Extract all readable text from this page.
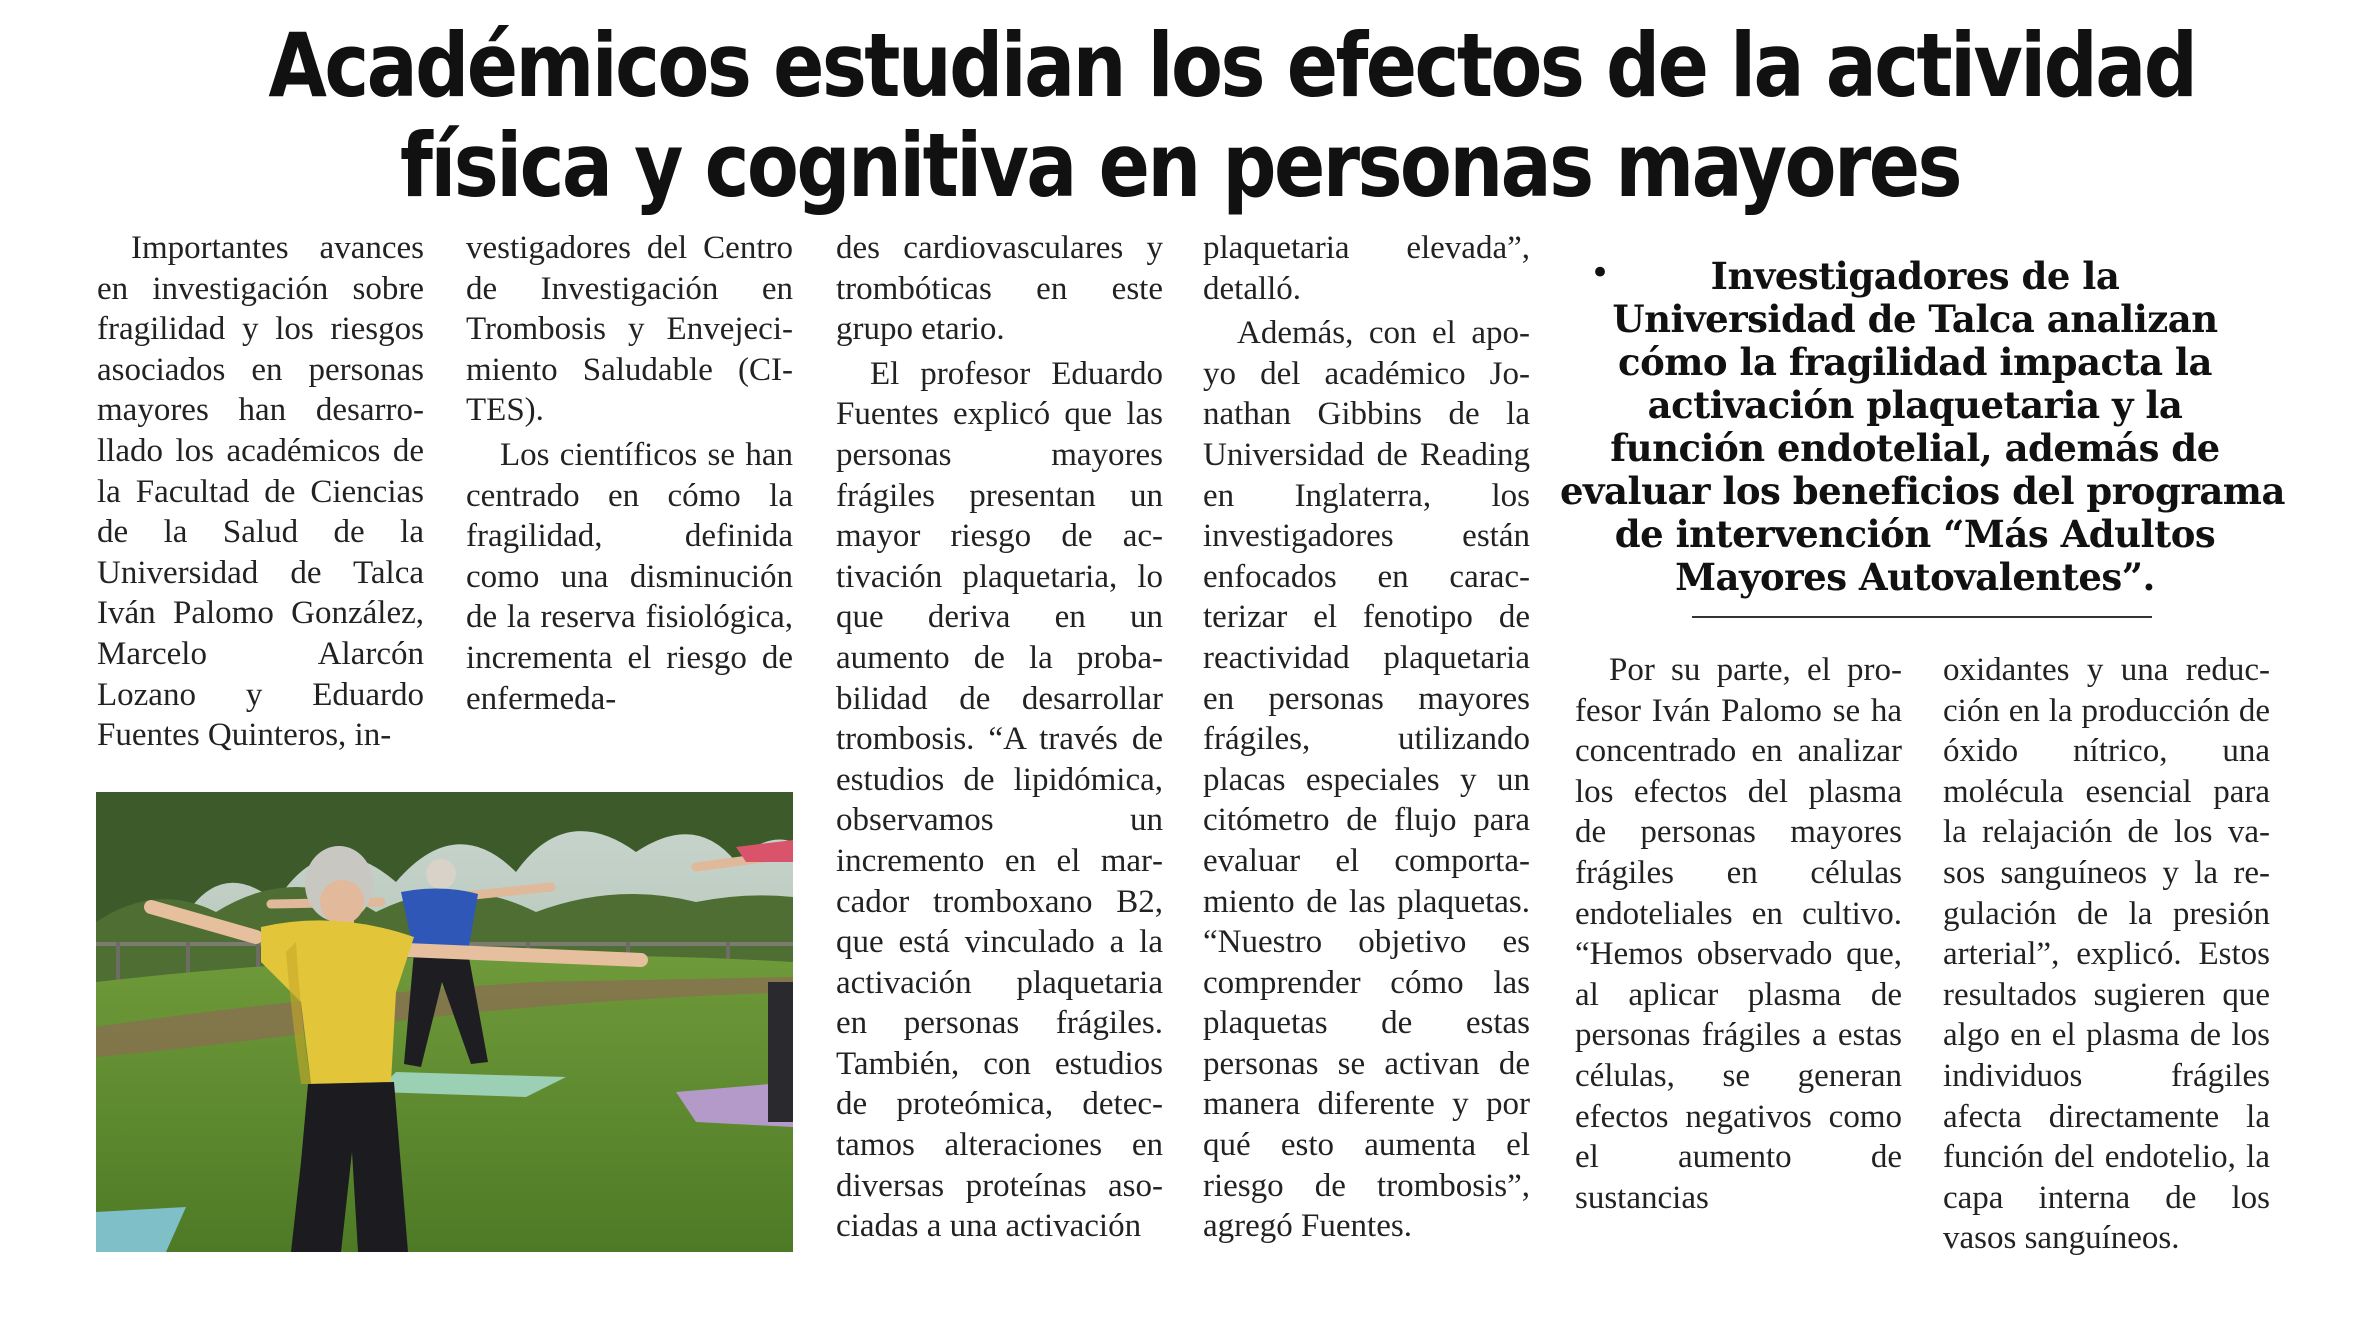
Académicos estudian los efectos de la actividad
física y cognitiva en personas mayores

Importantes avances en investigación sobre fragilidad y los riesgos asociados en personas mayores han desarrollado los académicos de la Facultad de Ciencias de la Salud de la Universidad de Talca Iván Palomo González, Marcelo Alarcón Lozano y Eduardo Fuentes Quinteros, in-

vestigadores del Centro de Investigación en Trombosis y Envejecimiento Saludable (CITES).

Los científicos se han centrado en cómo la fragilidad, definida como una disminución de la reserva fisiológica, incrementa el riesgo de enfermeda-

des cardiovasculares y trombóticas en este grupo etario.

El profesor Eduardo Fuentes explicó que las personas mayores frágiles presentan un mayor riesgo de activación plaquetaria, lo que deriva en un aumento de la probabilidad de desarrollar trombosis. “A través de estudios de lipidómica, observamos un incremento en el marcador tromboxano B2, que está vinculado a la activación plaquetaria en personas frágiles. También, con estudios de proteómica, detectamos alteraciones en diversas proteínas asociadas a una activación

plaquetaria elevada”, detalló.

Además, con el apoyo del académico Jonathan Gibbins de la Universidad de Reading en Inglaterra, los investigadores están enfocados en caracterizar el fenotipo de reactividad plaquetaria en personas mayores frágiles, utilizando placas especiales y un citómetro de flujo para evaluar el comportamiento de las plaquetas. “Nuestro objetivo es comprender cómo las plaquetas de estas personas se activan de manera diferente y por qué esto aumenta el riesgo de trombosis”, agregó Fuentes.

•	Investigadores de la
Universidad de Talca analizan
cómo la fragilidad impacta la
activación plaquetaria y la
función endotelial, además de
evaluar los beneficios del programa
de intervención “Más Adultos
Mayores Autovalentes”.

Por su parte, el profesor Iván Palomo se ha concentrado en analizar los efectos del plasma de personas mayores frágiles en células endoteliales en cultivo. “Hemos observado que, al aplicar plasma de personas frágiles a estas células, se generan efectos negativos como el aumento de sustancias

oxidantes y una reducción en la producción de óxido nítrico, una molécula esencial para la relajación de los vasos sanguíneos y la regulación de la presión arterial”, explicó. Estos resultados sugieren que algo en el plasma de los individuos frágiles afecta directamente la función del endotelio, la capa interna de los vasos sanguíneos.
